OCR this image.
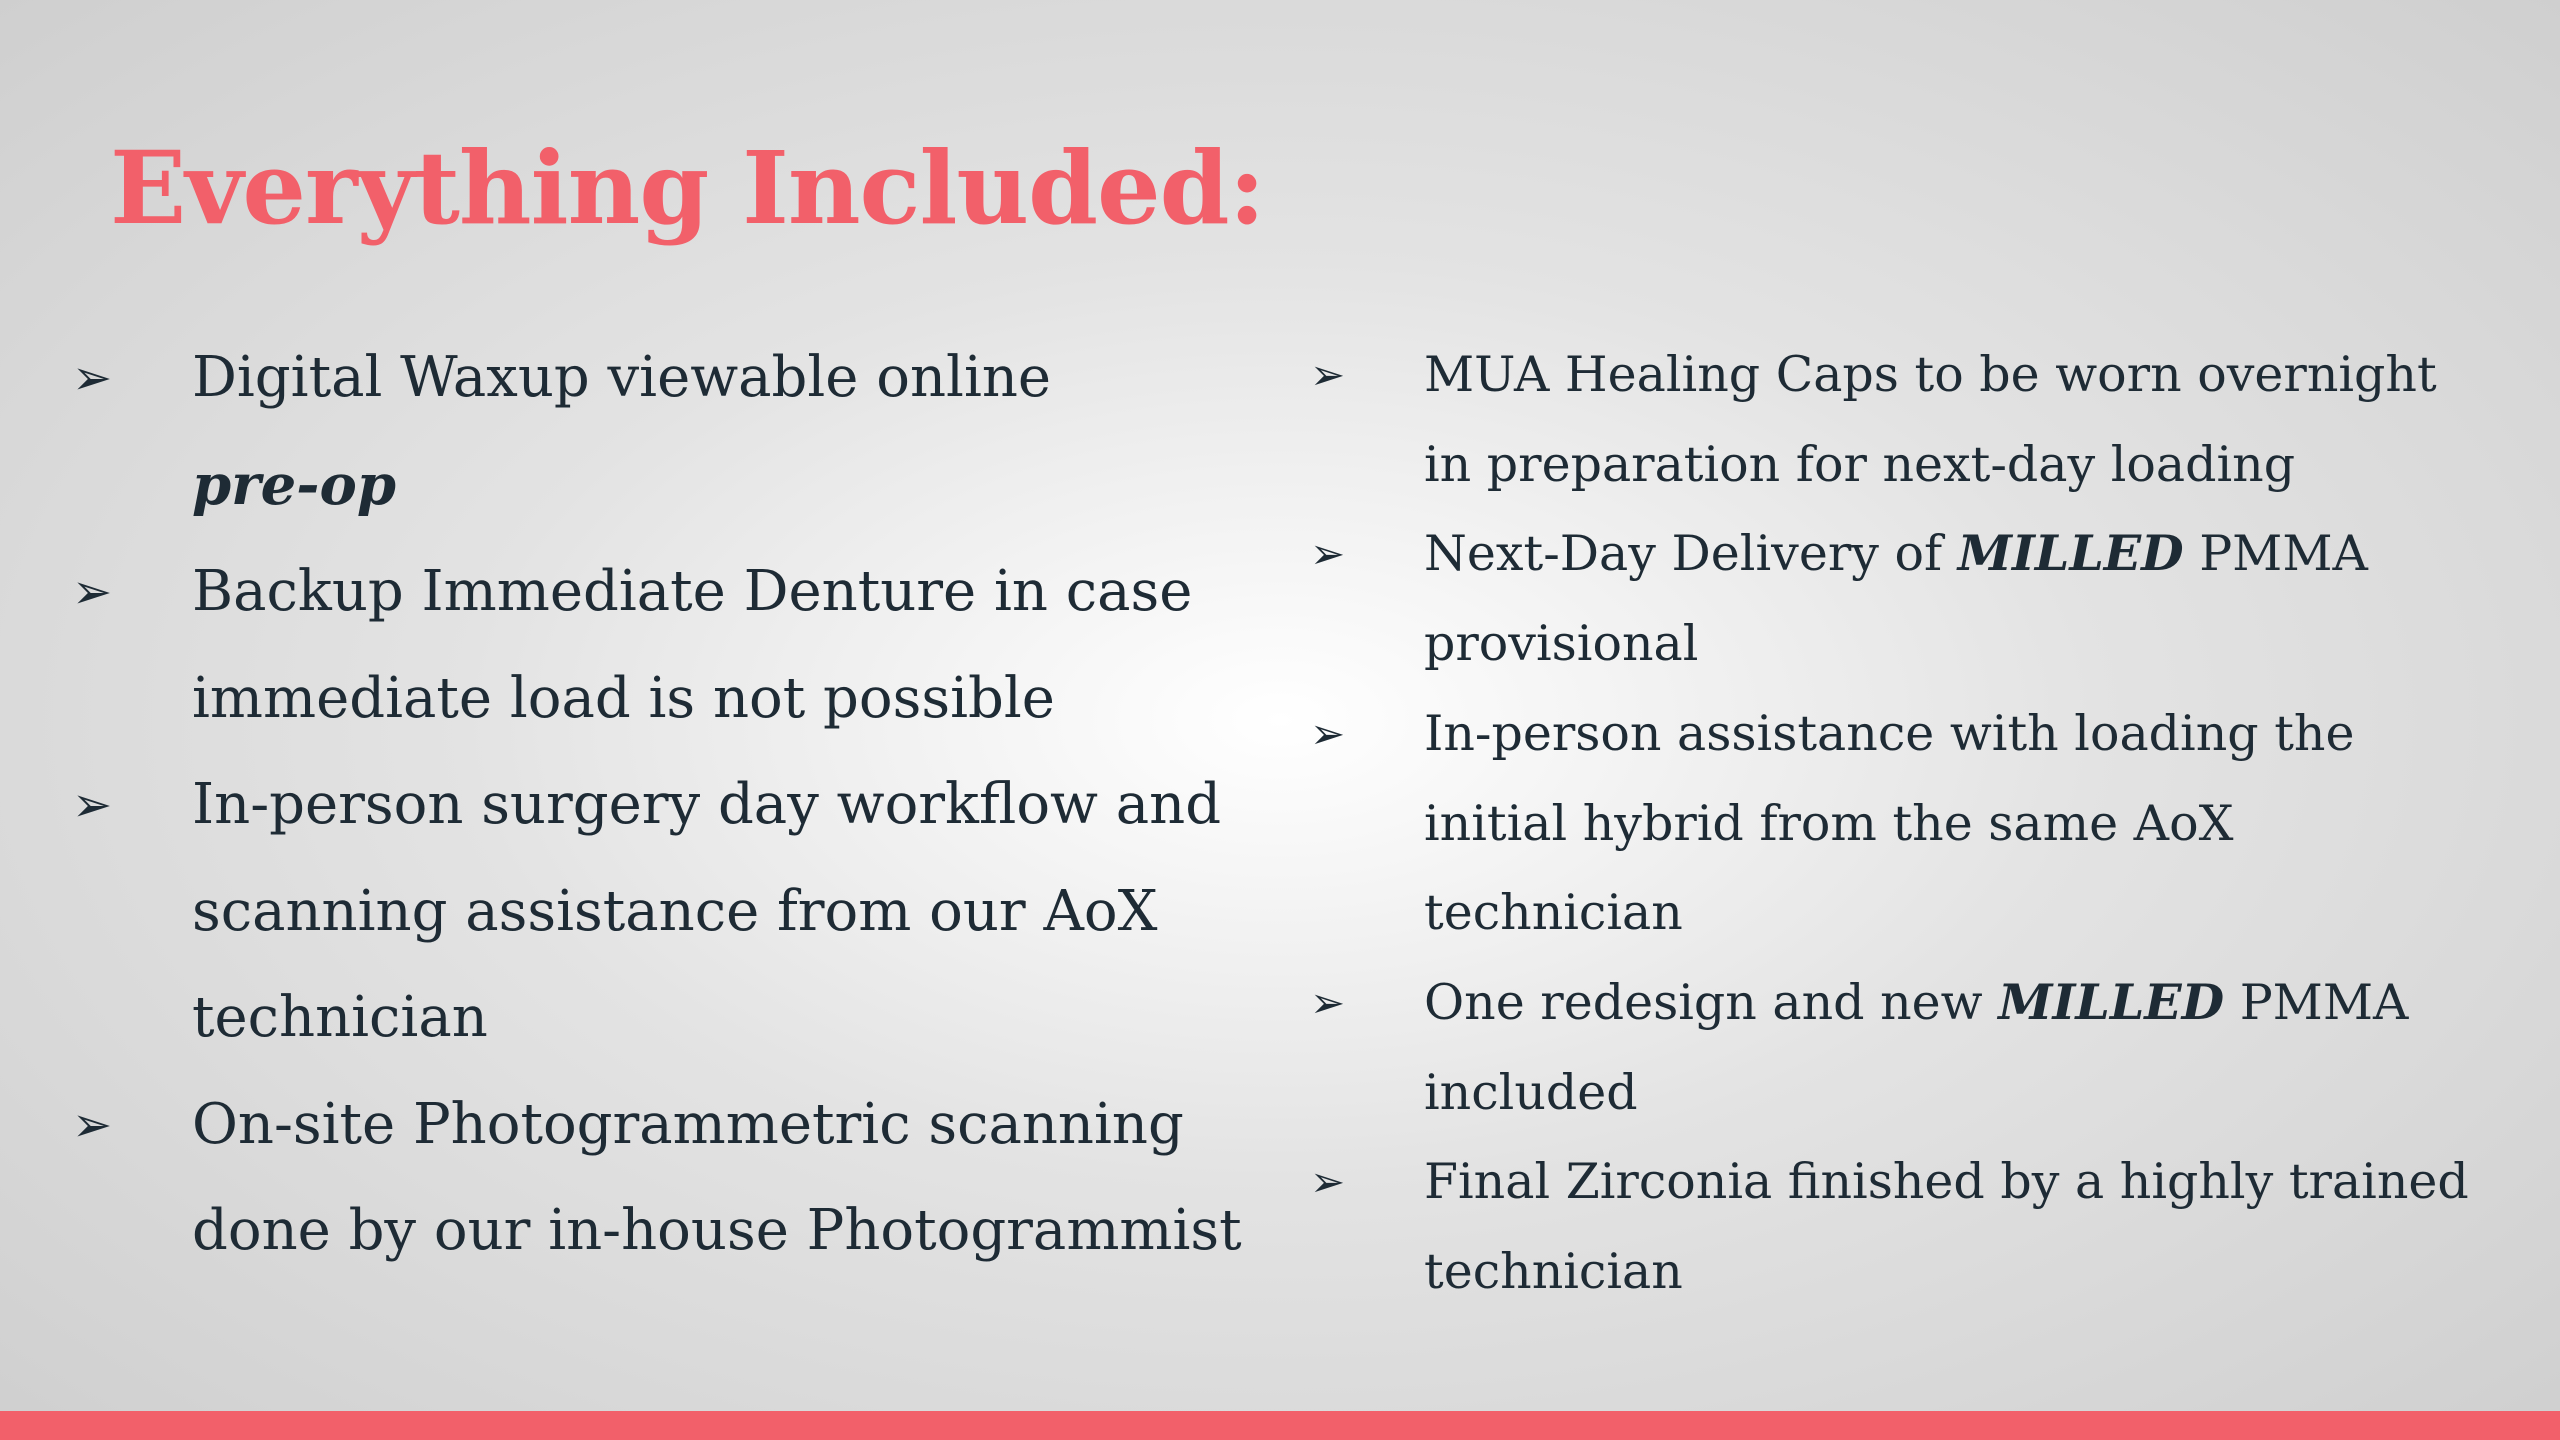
Everything Included:
➢ Digital Waxup viewable online
pre-op
➢ Backup Immediate Denture in case immediate load is not possible
➢ In-person surgery day workflow and scanning assistance from our AoX technician
➢ On-site Photogrammetric scanning done by our in-house Photogrammist
➢ MUA Healing Caps to be worn overnight in preparation for next-day loading
➢ Next-Day Delivery of MILLED PMMA provisional
➢ In-person assistance with loading the initial hybrid from the same AoX technician
➢ One redesign and new MILLED PMMA included
➢ Final Zirconia finished by a highly trained technician
